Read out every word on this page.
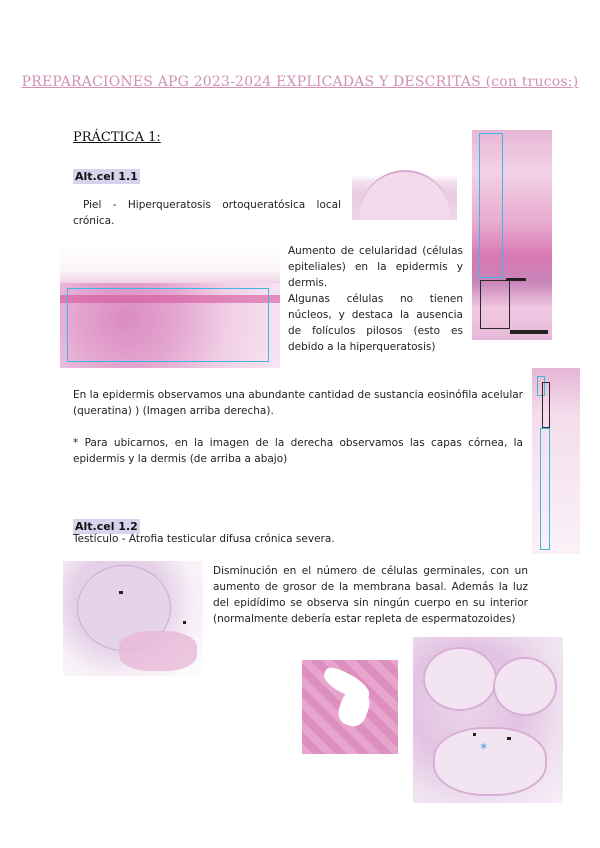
PREPARACIONES APG 2023-2024 EXPLICADAS Y DESCRITAS (con trucos:)
PRÁCTICA 1:
Alt.cel 1.1
Piel - Hiperqueratosis ortoqueratósica local crónica.
Aumento de celularidad (células epiteliales) en la epidermis y dermis.
Algunas células no tienen núcleos, y destaca la ausencia de folículos pilosos (esto es debido a la hiperqueratosis)
En la epidermis observamos una abundante cantidad de sustancia eosinófila acelular (queratina) ) (Imagen arriba derecha).
* Para ubicarnos, en la imagen de la derecha observamos las capas córnea, la epidermis y la dermis (de arriba a abajo)
Alt.cel 1.2
Testículo - Atrofia testicular difusa crónica severa.
Disminución en el número de células germinales, con un aumento de grosor de la membrana basal. Además la luz del epidídimo se observa sin ningún cuerpo en su interior (normalmente debería estar repleta de espermatozoides)
✶
